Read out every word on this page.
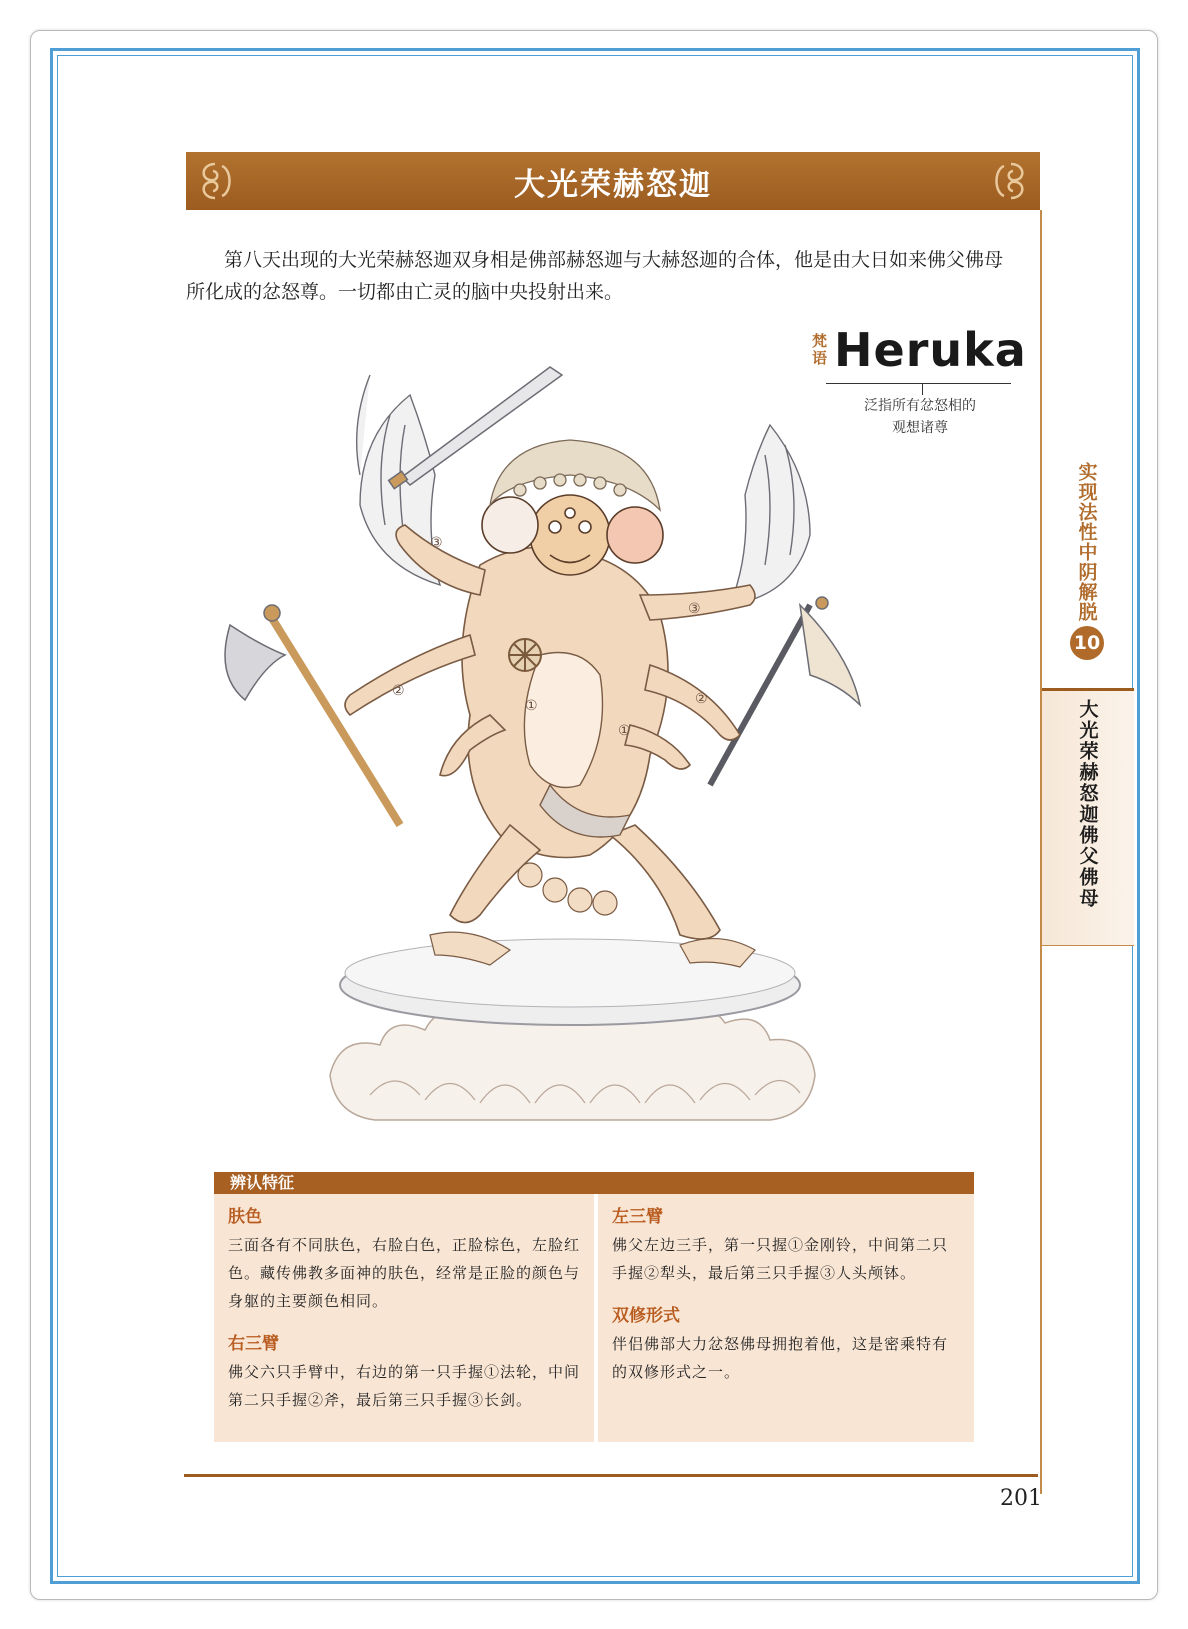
大光荣赫怒迦

第八天出现的大光荣赫怒迦双身相是佛部赫怒迦与大赫怒迦的合体，他是由大日如来佛父佛母所化成的忿怒尊。一切都由亡灵的脑中央投射出来。

梵语 Heruka
泛指所有忿怒相的
观想诸尊
实现法性中阴解脱
10
大光荣赫怒迦佛父佛母
③
②
①
③
②
①
辨认特征
肤色

三面各有不同肤色，右脸白色，正脸棕色，左脸红色。藏传佛教多面神的肤色，经常是正脸的颜色与身躯的主要颜色相同。

右三臂

佛父六只手臂中，右边的第一只手握①法轮，中间第二只手握②斧，最后第三只手握③长剑。

左三臂

佛父左边三手，第一只握①金刚铃，中间第二只手握②犁头，最后第三只手握③人头颅钵。

双修形式

伴侣佛部大力忿怒佛母拥抱着他，这是密乘特有的双修形式之一。

201
